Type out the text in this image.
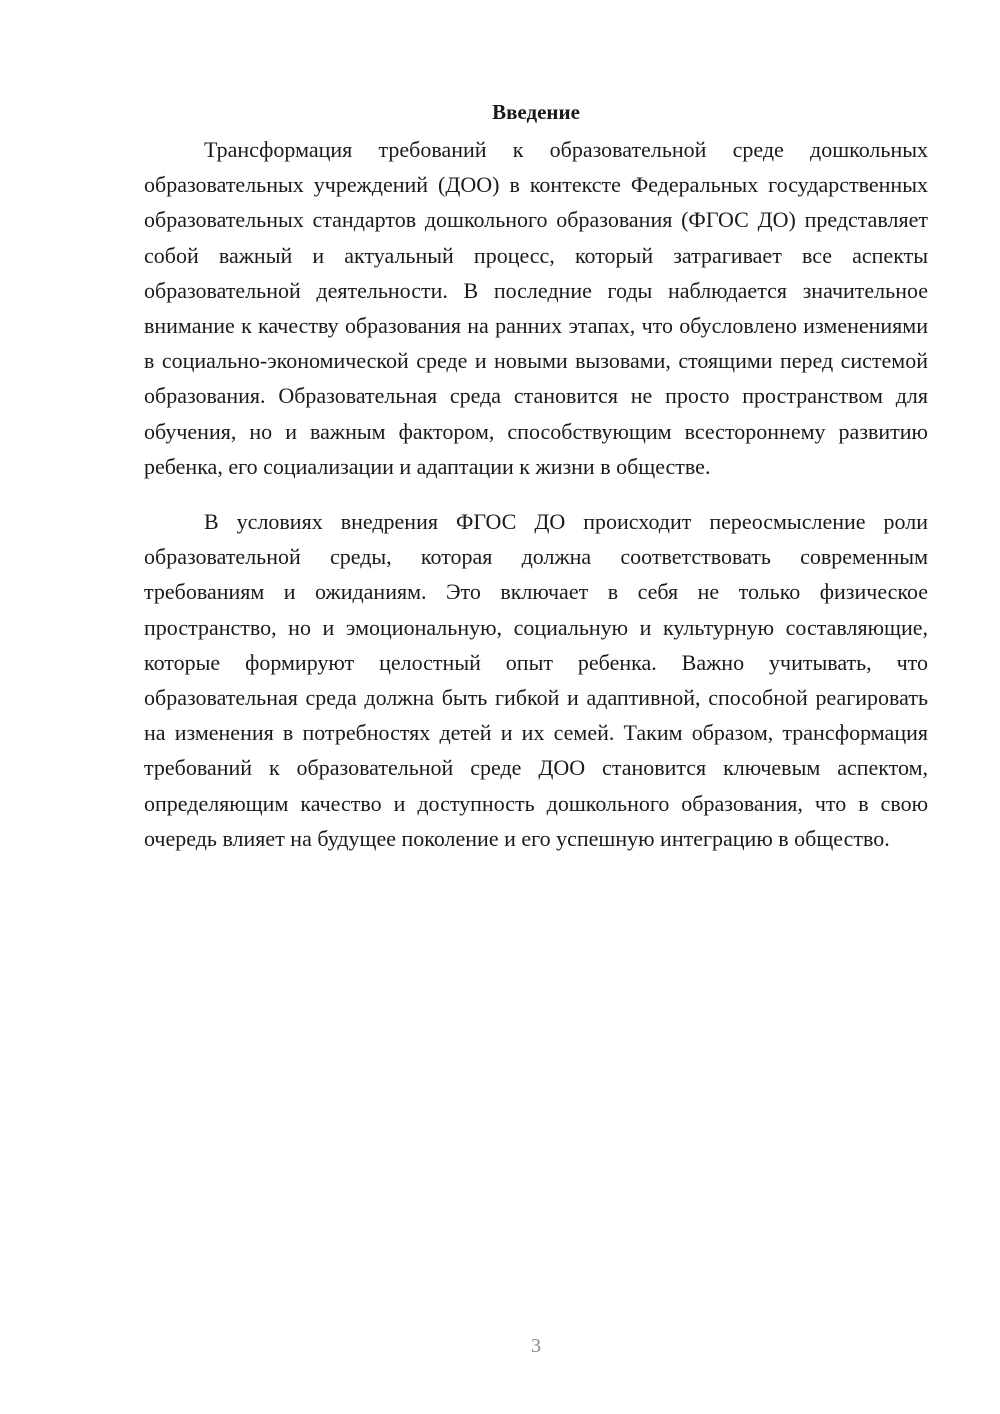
Введение

Трансформация требований к образовательной среде дошкольных образовательных учреждений (ДОО) в контексте Федеральных государственных образовательных стандартов дошкольного образования (ФГОС ДО) представляет собой важный и актуальный процесс, который затрагивает все аспекты образовательной деятельности. В последние годы наблюдается значительное внимание к качеству образования на ранних этапах, что обусловлено изменениями в социально-экономической среде и новыми вызовами, стоящими перед системой образования. Образовательная среда становится не просто пространством для обучения, но и важным фактором, способствующим всестороннему развитию ребенка, его социализации и адаптации к жизни в обществе.

В условиях внедрения ФГОС ДО происходит переосмысление роли образовательной среды, которая должна соответствовать современным требованиям и ожиданиям. Это включает в себя не только физическое пространство, но и эмоциональную, социальную и культурную составляющие, которые формируют целостный опыт ребенка. Важно учитывать, что образовательная среда должна быть гибкой и адаптивной, способной реагировать на изменения в потребностях детей и их семей. Таким образом, трансформация требований к образовательной среде ДОО становится ключевым аспектом, определяющим качество и доступность дошкольного образования, что в свою очередь влияет на будущее поколение и его успешную интеграцию в общество.

3
